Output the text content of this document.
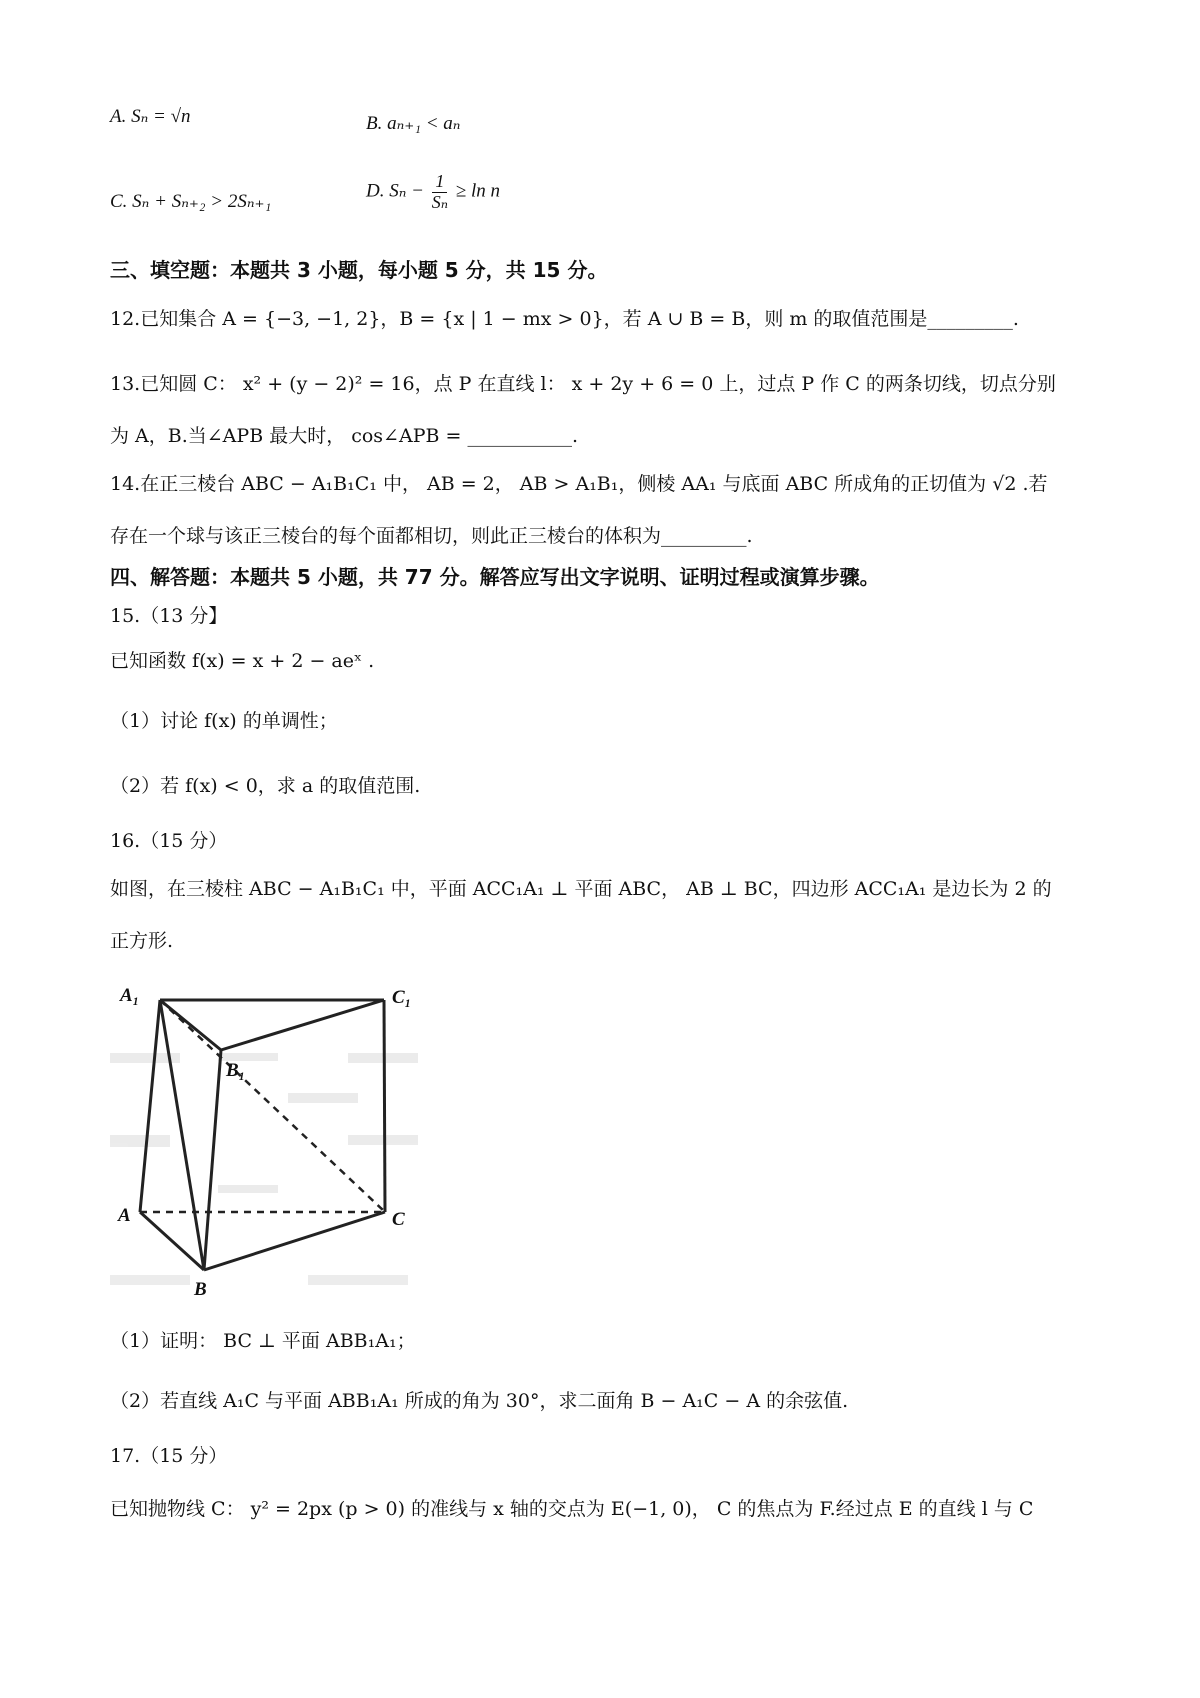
A. Sₙ = √n	B. aₙ₊₁ < aₙ
C. Sₙ + Sₙ₊₂ > 2Sₙ₊₁	D. $S_n - \frac{1}{\text{Sₙ}} \ge \ln n$
三、填空题：本题共 3 小题，每小题 5 分，共 15 分。
12.已知集合 A = {−3, −1, 2}，B = {x | 1 − mx > 0}，若 A ∪ B = B，则 m 的取值范围是_________.
13.已知圆 C： x² + (y − 2)² = 16，点 P 在直线 l： x + 2y + 6 = 0 上，过点 P 作 C 的两条切线，切点分别
为 A，B.当∠APB 最大时， cos∠APB = ___________.
14.在正三棱台 ABC − A₁B₁C₁ 中， AB = 2， AB > A₁B₁，侧棱 AA₁ 与底面 ABC 所成角的正切值为 √2 .若
存在一个球与该正三棱台的每个面都相切，则此正三棱台的体积为_________.
四、解答题：本题共 5 小题，共 77 分。解答应写出文字说明、证明过程或演算步骤。
15.（13 分】
已知函数 f(x) = x + 2 − aeˣ .
（1）讨论 f(x) 的单调性；
（2）若 f(x) < 0，求 a 的取值范围.
16.（15 分）
如图，在三棱柱 ABC − A₁B₁C₁ 中，平面 ACC₁A₁ ⊥ 平面 ABC， AB ⊥ BC，四边形 ACC₁A₁ 是边长为 2 的
正方形.
A₁	C₁
B₁
A	C
B
（1）证明： BC ⊥ 平面 ABB₁A₁；
（2）若直线 A₁C 与平面 ABB₁A₁ 所成的角为 30°，求二面角 B − A₁C − A 的余弦值.
17.（15 分）
已知抛物线 C： y² = 2px (p > 0) 的准线与 x 轴的交点为 E(−1, 0)， C 的焦点为 F.经过点 E 的直线 l 与 C
